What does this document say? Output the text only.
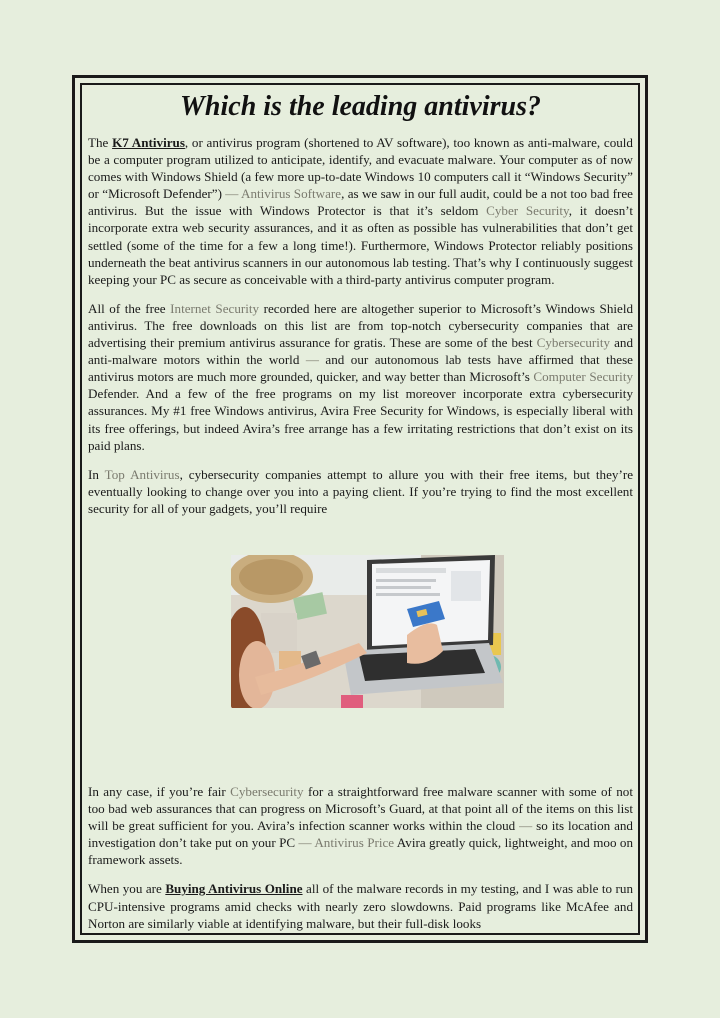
Which is the leading antivirus?

The K7 Antivirus, or antivirus program (shortened to AV software), too known as anti-malware, could be a computer program utilized to anticipate, identify, and evacuate malware. Your computer as of now comes with Windows Shield (a few more up-to-date Windows 10 computers call it “Windows Security” or “Microsoft Defender”) — Antivirus Software, as we saw in our full audit, could be a not too bad free antivirus. But the issue with Windows Protector is that it’s seldom Cyber Security, it doesn’t incorporate extra web security assurances, and it as often as possible has vulnerabilities that don’t get settled (some of the time for a few a long time!). Furthermore, Windows Protector reliably positions underneath the beat antivirus scanners in our autonomous lab testing. That’s why I continuously suggest keeping your PC as secure as conceivable with a third-party antivirus computer program.

All of the free Internet Security recorded here are altogether superior to Microsoft’s Windows Shield antivirus. The free downloads on this list are from top-notch cybersecurity companies that are advertising their premium antivirus assurance for gratis. These are some of the best Cybersecurity and anti-malware motors within the world — and our autonomous lab tests have affirmed that these antivirus motors are much more grounded, quicker, and way better than Microsoft’s Computer Security Defender. And a few of the free programs on my list moreover incorporate extra cybersecurity assurances. My #1 free Windows antivirus, Avira Free Security for Windows, is especially liberal with its free offerings, but indeed Avira’s free arrange has a few irritating restrictions that don’t exist on its paid plans.

In Top Antivirus, cybersecurity companies attempt to allure you with their free items, but they’re eventually looking to change over you into a paying client. If you’re trying to find the most excellent security for all of your gadgets, you’ll require

In any case, if you’re fair Cybersecurity for a straightforward free malware scanner with some of not too bad web assurances that can progress on Microsoft’s Guard, at that point all of the items on this list will be great sufficient for you. Avira’s infection scanner works within the cloud — so its location and investigation don’t take put on your PC — Antivirus Price Avira greatly quick, lightweight, and moo on framework assets.

When you are Buying Antivirus Online all of the malware records in my testing, and I was able to run CPU-intensive programs amid checks with nearly zero slowdowns. Paid programs like McAfee and Norton are similarly viable at identifying malware, but their full-disk looks
